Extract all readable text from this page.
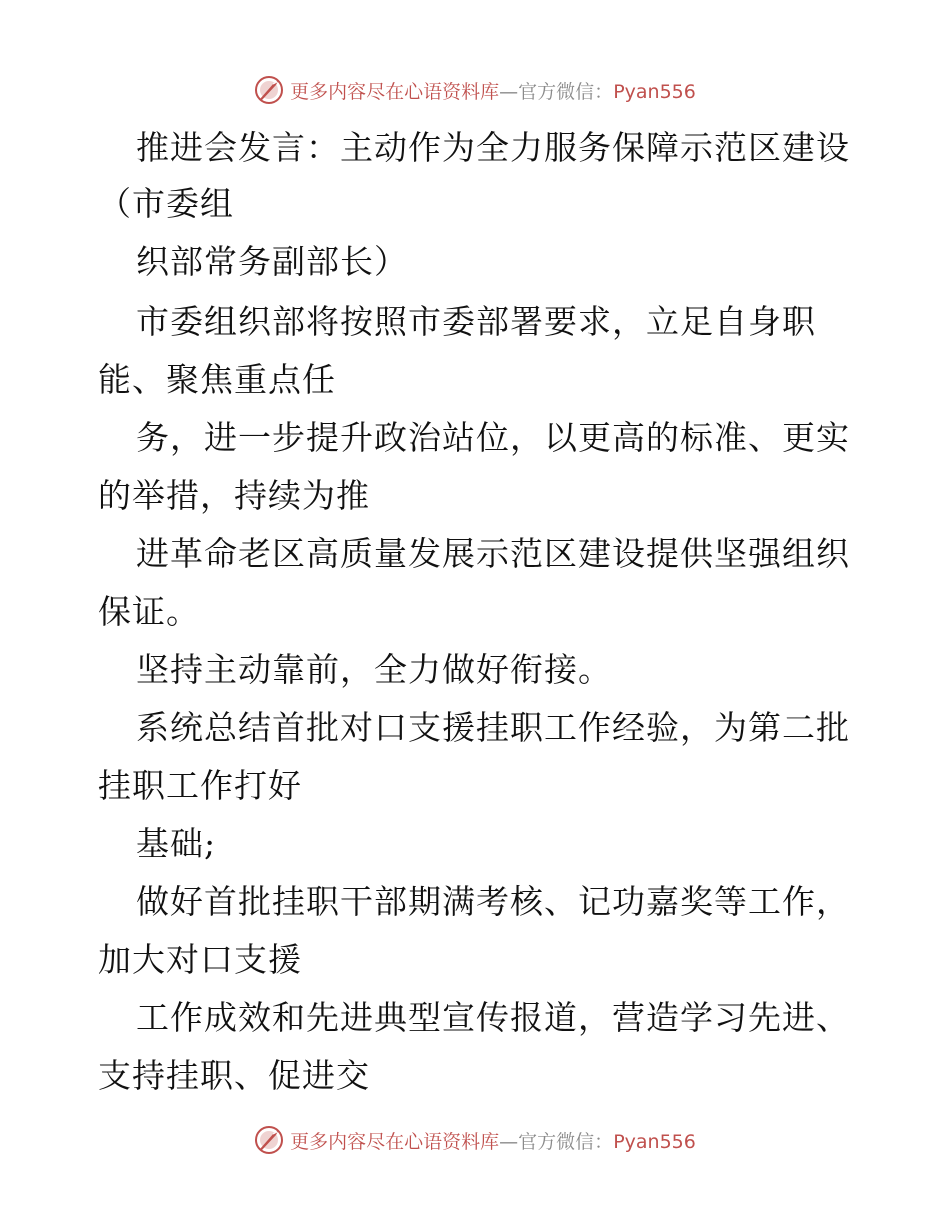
更多内容尽在心语资料库—官方微信：Pyan556
推进会发言：主动作为全力服务保障示范区建设
（市委组
织部常务副部长）
市委组织部将按照市委部署要求，立足自身职
能、聚焦重点任
务，进一步提升政治站位，以更高的标准、更实
的举措，持续为推
进革命老区高质量发展示范区建设提供坚强组织
保证。
坚持主动靠前，全力做好衔接。
系统总结首批对口支援挂职工作经验，为第二批
挂职工作打好
基础;
做好首批挂职干部期满考核、记功嘉奖等工作，
加大对口支援
工作成效和先进典型宣传报道，营造学习先进、
支持挂职、促进交
更多内容尽在心语资料库—官方微信：Pyan556
